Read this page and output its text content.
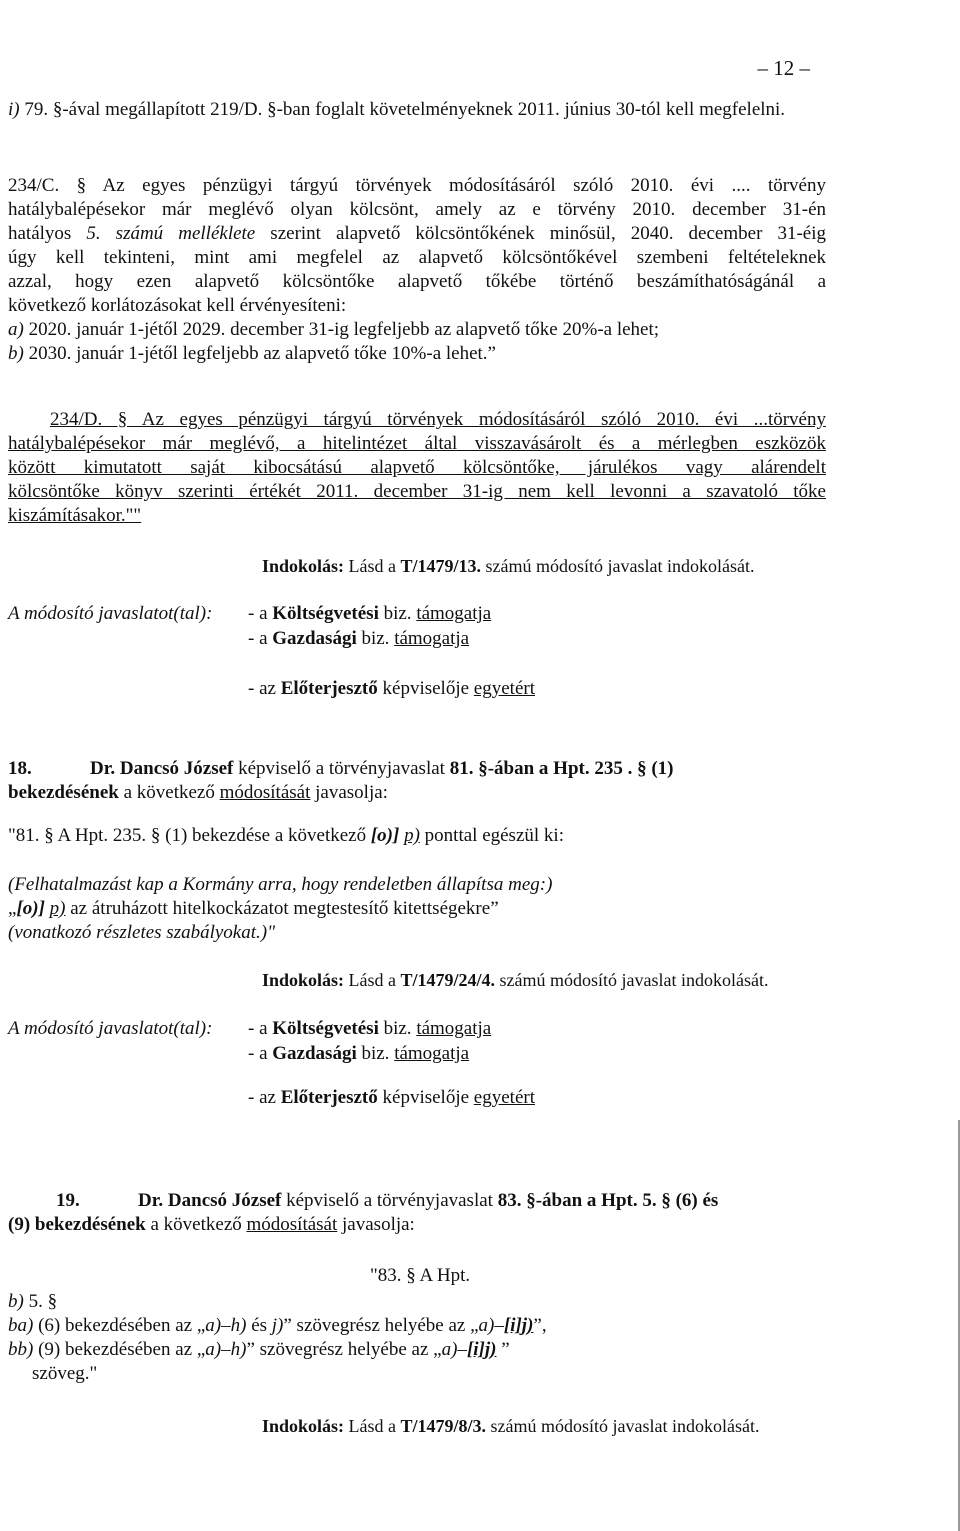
– 12 –
i) 79. §-ával megállapított 219/D. §-ban foglalt követelményeknek 2011. június 30-tól kell megfelelni.
234/C. § Az egyes pénzügyi tárgyú törvények módosításáról szóló 2010. évi .... törvény
hatálybalépésekor már meglévő olyan kölcsönt, amely az e törvény 2010. december 31-én
hatályos 5. számú melléklete szerint alapvető kölcsöntőkének minősül, 2040. december 31-éig
úgy kell tekinteni, mint ami megfelel az alapvető kölcsöntőkével szembeni feltételeknek
azzal, hogy ezen alapvető kölcsöntőke alapvető tőkébe történő beszámíthatóságánál a
következő korlátozásokat kell érvényesíteni:
a) 2020. január 1-jétől 2029. december 31-ig legfeljebb az alapvető tőke 20%-a lehet;
b) 2030. január 1-jétől legfeljebb az alapvető tőke 10%-a lehet.”
234/D. § Az egyes pénzügyi tárgyú törvények módosításáról szóló 2010. évi ...törvény
hatálybalépésekor már meglévő, a hitelintézet által visszavásárolt és a mérlegben eszközök
között kimutatott saját kibocsátású alapvető kölcsöntőke, járulékos vagy alárendelt
kölcsöntőke könyv szerinti értékét 2011. december 31-ig nem kell levonni a szavatoló tőke
kiszámításakor.""
Indokolás: Lásd a T/1479/13. számú módosító javaslat indokolását.
A módosító javaslatot(tal): - a Költségvetési biz. támogatja
- a Gazdasági biz. támogatja
- az Előterjesztő képviselője egyetért
18.	Dr. Dancsó József képviselő a törvényjavaslat 81. §-ában a Hpt. 235 . § (1)
bekezdésének a következő módosítását javasolja:
"81. § A Hpt. 235. § (1) bekezdése a következő [o)] p) ponttal egészül ki:
(Felhatalmazást kap a Kormány arra, hogy rendeletben állapítsa meg:)
„[o)] p) az átruházott hitelkockázatot megtestesítő kitettségekre”
(vonatkozó részletes szabályokat.)"
Indokolás: Lásd a T/1479/24/4. számú módosító javaslat indokolását.
A módosító javaslatot(tal): - a Költségvetési biz. támogatja
- a Gazdasági biz. támogatja
- az Előterjesztő képviselője egyetért
19.	Dr. Dancsó József képviselő a törvényjavaslat 83. §-ában a Hpt. 5. § (6) és
(9) bekezdésének a következő módosítását javasolja:
"83. § A Hpt.
b) 5. §
ba) (6) bekezdésében az „a)–h) és j)” szövegrész helyébe az „a)–[i]j)”,
bb) (9) bekezdésében az „a)–h)” szövegrész helyébe az „a)–[i]j) ”
szöveg."
Indokolás: Lásd a T/1479/8/3. számú módosító javaslat indokolását.
